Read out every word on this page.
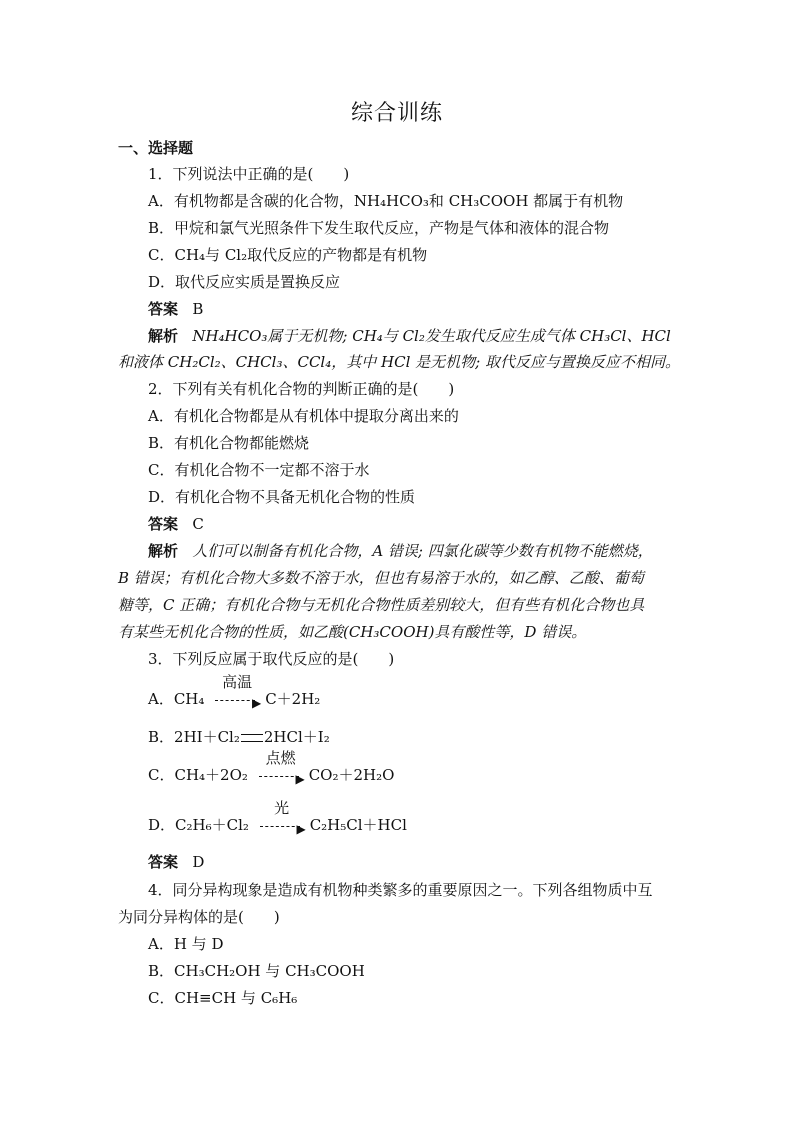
综合训练
一、选择题
1．下列说法中正确的是(　　)
A．有机物都是含碳的化合物，NH₄HCO₃和 CH₃COOH 都属于有机物
B．甲烷和氯气光照条件下发生取代反应，产物是气体和液体的混合物
C．CH₄与 Cl₂取代反应的产物都是有机物
D．取代反应实质是置换反应
答案 B
解析 NH₄HCO₃属于无机物; CH₄与 Cl₂发生取代反应生成气体 CH₃Cl、HCl
和液体 CH₂Cl₂、CHCl₃、CCl₄，其中 HCl 是无机物; 取代反应与置换反应不相同。
2．下列有关有机化合物的判断正确的是(　　)
A．有机化合物都是从有机体中提取分离出来的
B．有机化合物都能燃烧
C．有机化合物不一定都不溶于水
D．有机化合物不具备无机化合物的性质
答案 C
解析 人们可以制备有机化合物，A 错误; 四氯化碳等少数有机物不能燃烧，
B 错误；有机化合物大多数不溶于水，但也有易溶于水的，如乙醇、乙酸、葡萄
糖等，C 正确；有机化合物与无机化合物性质差别较大，但有些有机化合物也具
有某些无机化合物的性质，如乙酸(CH₃COOH)具有酸性等，D 错误。
3．下列反应属于取代反应的是(　　)
A．CH₄
高温
▶ C＋2H₂
B．2HI＋Cl₂ 2HCl＋I₂
C．CH₄＋2O₂
点燃
▶ CO₂＋2H₂O
D．C₂H₆＋Cl₂
光
▶ C₂H₅Cl＋HCl
答案 D
4．同分异构现象是造成有机物种类繁多的重要原因之一。下列各组物质中互
为同分异构体的是(　　)
A．H 与 D
B．CH₃CH₂OH 与 CH₃COOH
C．CH≡CH 与 C₆H₆
